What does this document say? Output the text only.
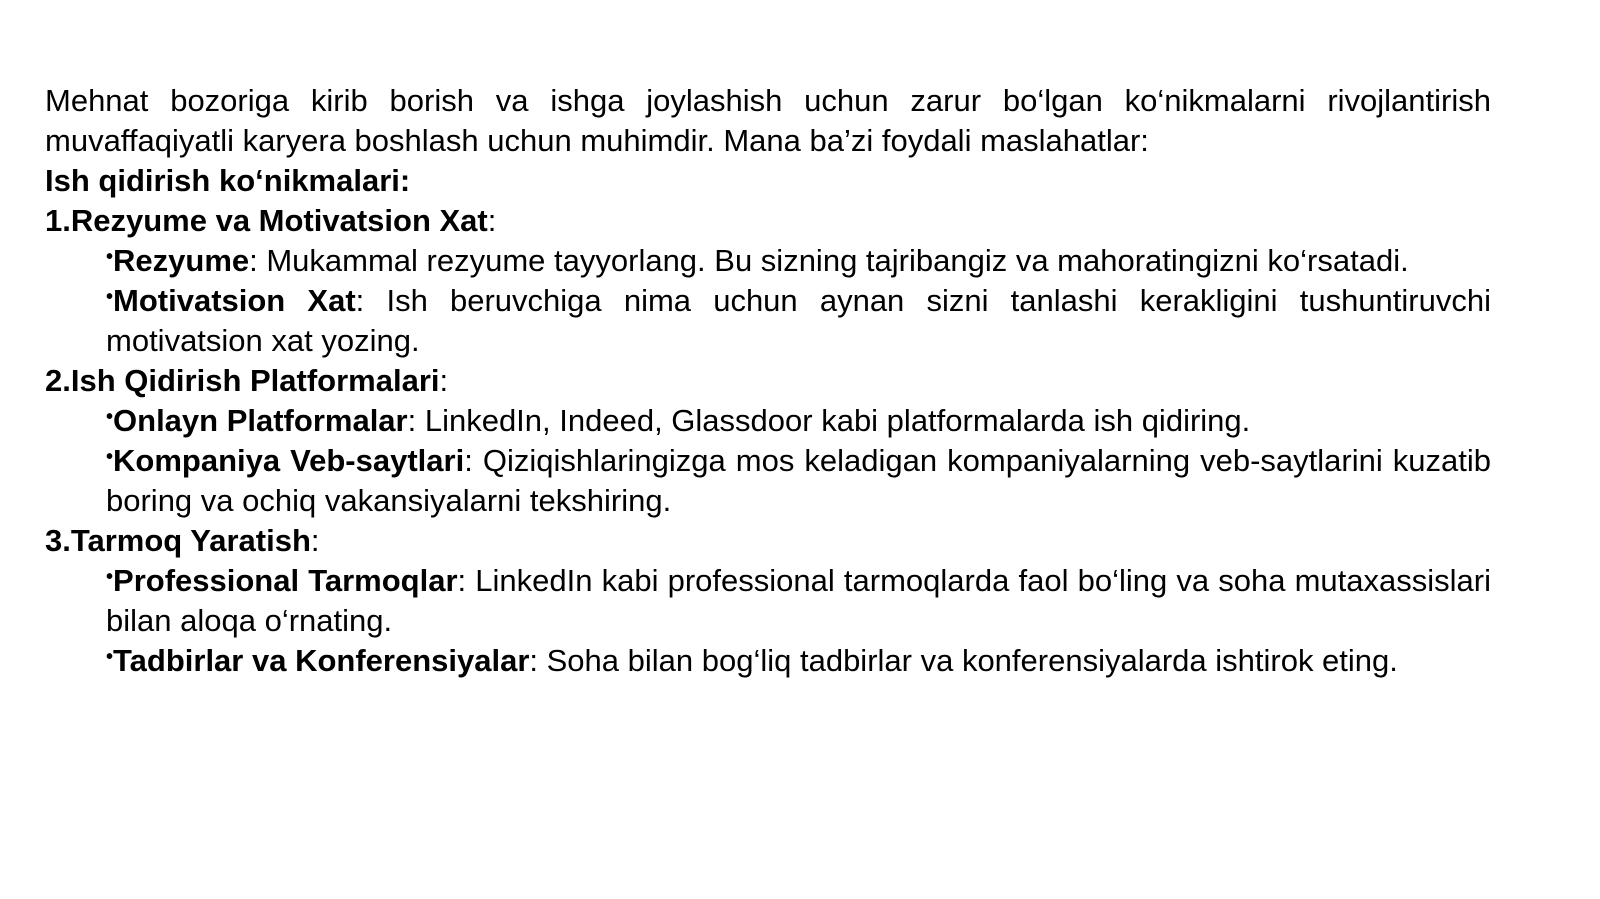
Mehnat bozoriga kirib borish va ishga joylashish uchun zarur bo‘lgan ko‘nikmalarni rivojlantirish muvaffaqiyatli karyera boshlash uchun muhimdir. Mana ba’zi foydali maslahatlar:

Ish qidirish ko‘nikmalari:

1.Rezyume va Motivatsion Xat:

•Rezyume: Mukammal rezyume tayyorlang. Bu sizning tajribangiz va mahoratingizni ko‘rsatadi.

•Motivatsion Xat: Ish beruvchiga nima uchun aynan sizni tanlashi kerakligini tushuntiruvchi motivatsion xat yozing.

2.Ish Qidirish Platformalari:

•Onlayn Platformalar: LinkedIn, Indeed, Glassdoor kabi platformalarda ish qidiring.

•Kompaniya Veb-saytlari: Qiziqishlaringizga mos keladigan kompaniyalarning veb-saytlarini kuzatib boring va ochiq vakansiyalarni tekshiring.

3.Tarmoq Yaratish:

•Professional Tarmoqlar: LinkedIn kabi professional tarmoqlarda faol bo‘ling va soha mutaxassislari bilan aloqa o‘rnating.

•Tadbirlar va Konferensiyalar: Soha bilan bog‘liq tadbirlar va konferensiyalarda ishtirok eting.
